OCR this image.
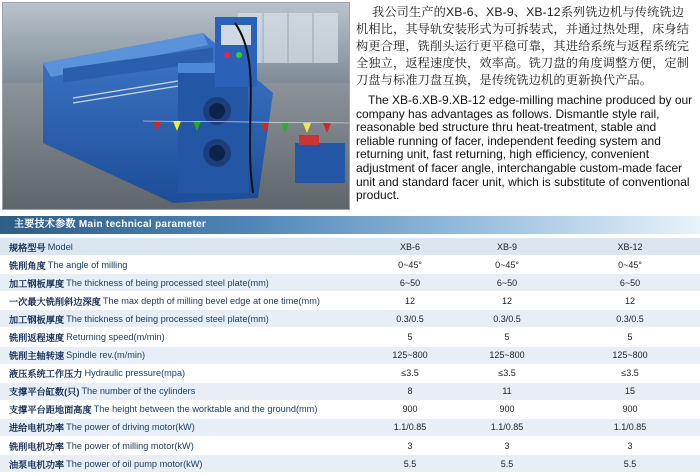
我公司生产的XB-6、XB-9、XB-12系列铣边机与传统铣边机相比，其导轨安装形式为可拆装式，并通过热处理，床身结构更合理，铣削头运行更平稳可靠，其进给系统与返程系统完全独立，返程速度快，效率高。铣刀盘的角度调整方便，定制刀盘与标准刀盘互换，是传统铣边机的更新换代产品。
The XB-6.XB-9.XB-12 edge-milling machine produced by our company has advantages as follows. Dismantle style rail, reasonable bed structure thru heat-treatment, stable and reliable running of facer, independent feeding system and returning unit, fast returning, high efficiency, convenient adjustment of facer angle, interchangable custom-made facer unit and standard facer unit, which is substitute of conventional product.
主要技术参数 Main technical parameter
规格型号 Model	XB-6	XB-9	XB-12
铣削角度 The angle of milling	0~45°	0~45°	0~45°
加工钢板厚度 The thickness of being processed steel plate(mm)	6~50	6~50	6~50
一次最大铣削斜边深度 The max depth of milling bevel edge at one time(mm)	12	12	12
加工钢板厚度 The thickness of being processed steel plate(mm)	0.3/0.5	0.3/0.5	0.3/0.5
铣削返程速度 Returning speed(m/min)	5	5	5
铣削主轴转速 Spindle rev.(m/min)	125~800	125~800	125~800
液压系统工作压力 Hydraulic pressure(mpa)	≤3.5	≤3.5	≤3.5
支撑平台缸数(只) The number of the cylinders	8	11	15
支撑平台距地面高度 The height between the worktable and the ground(mm)	900	900	900
进给电机功率 The power of driving motor(kW)	1.1/0.85	1.1/0.85	1.1/0.85
铣削电机功率 The power of milling motor(kW)	3	3	3
油泵电机功率 The power of oil pump motor(kW)	5.5	5.5	5.5
